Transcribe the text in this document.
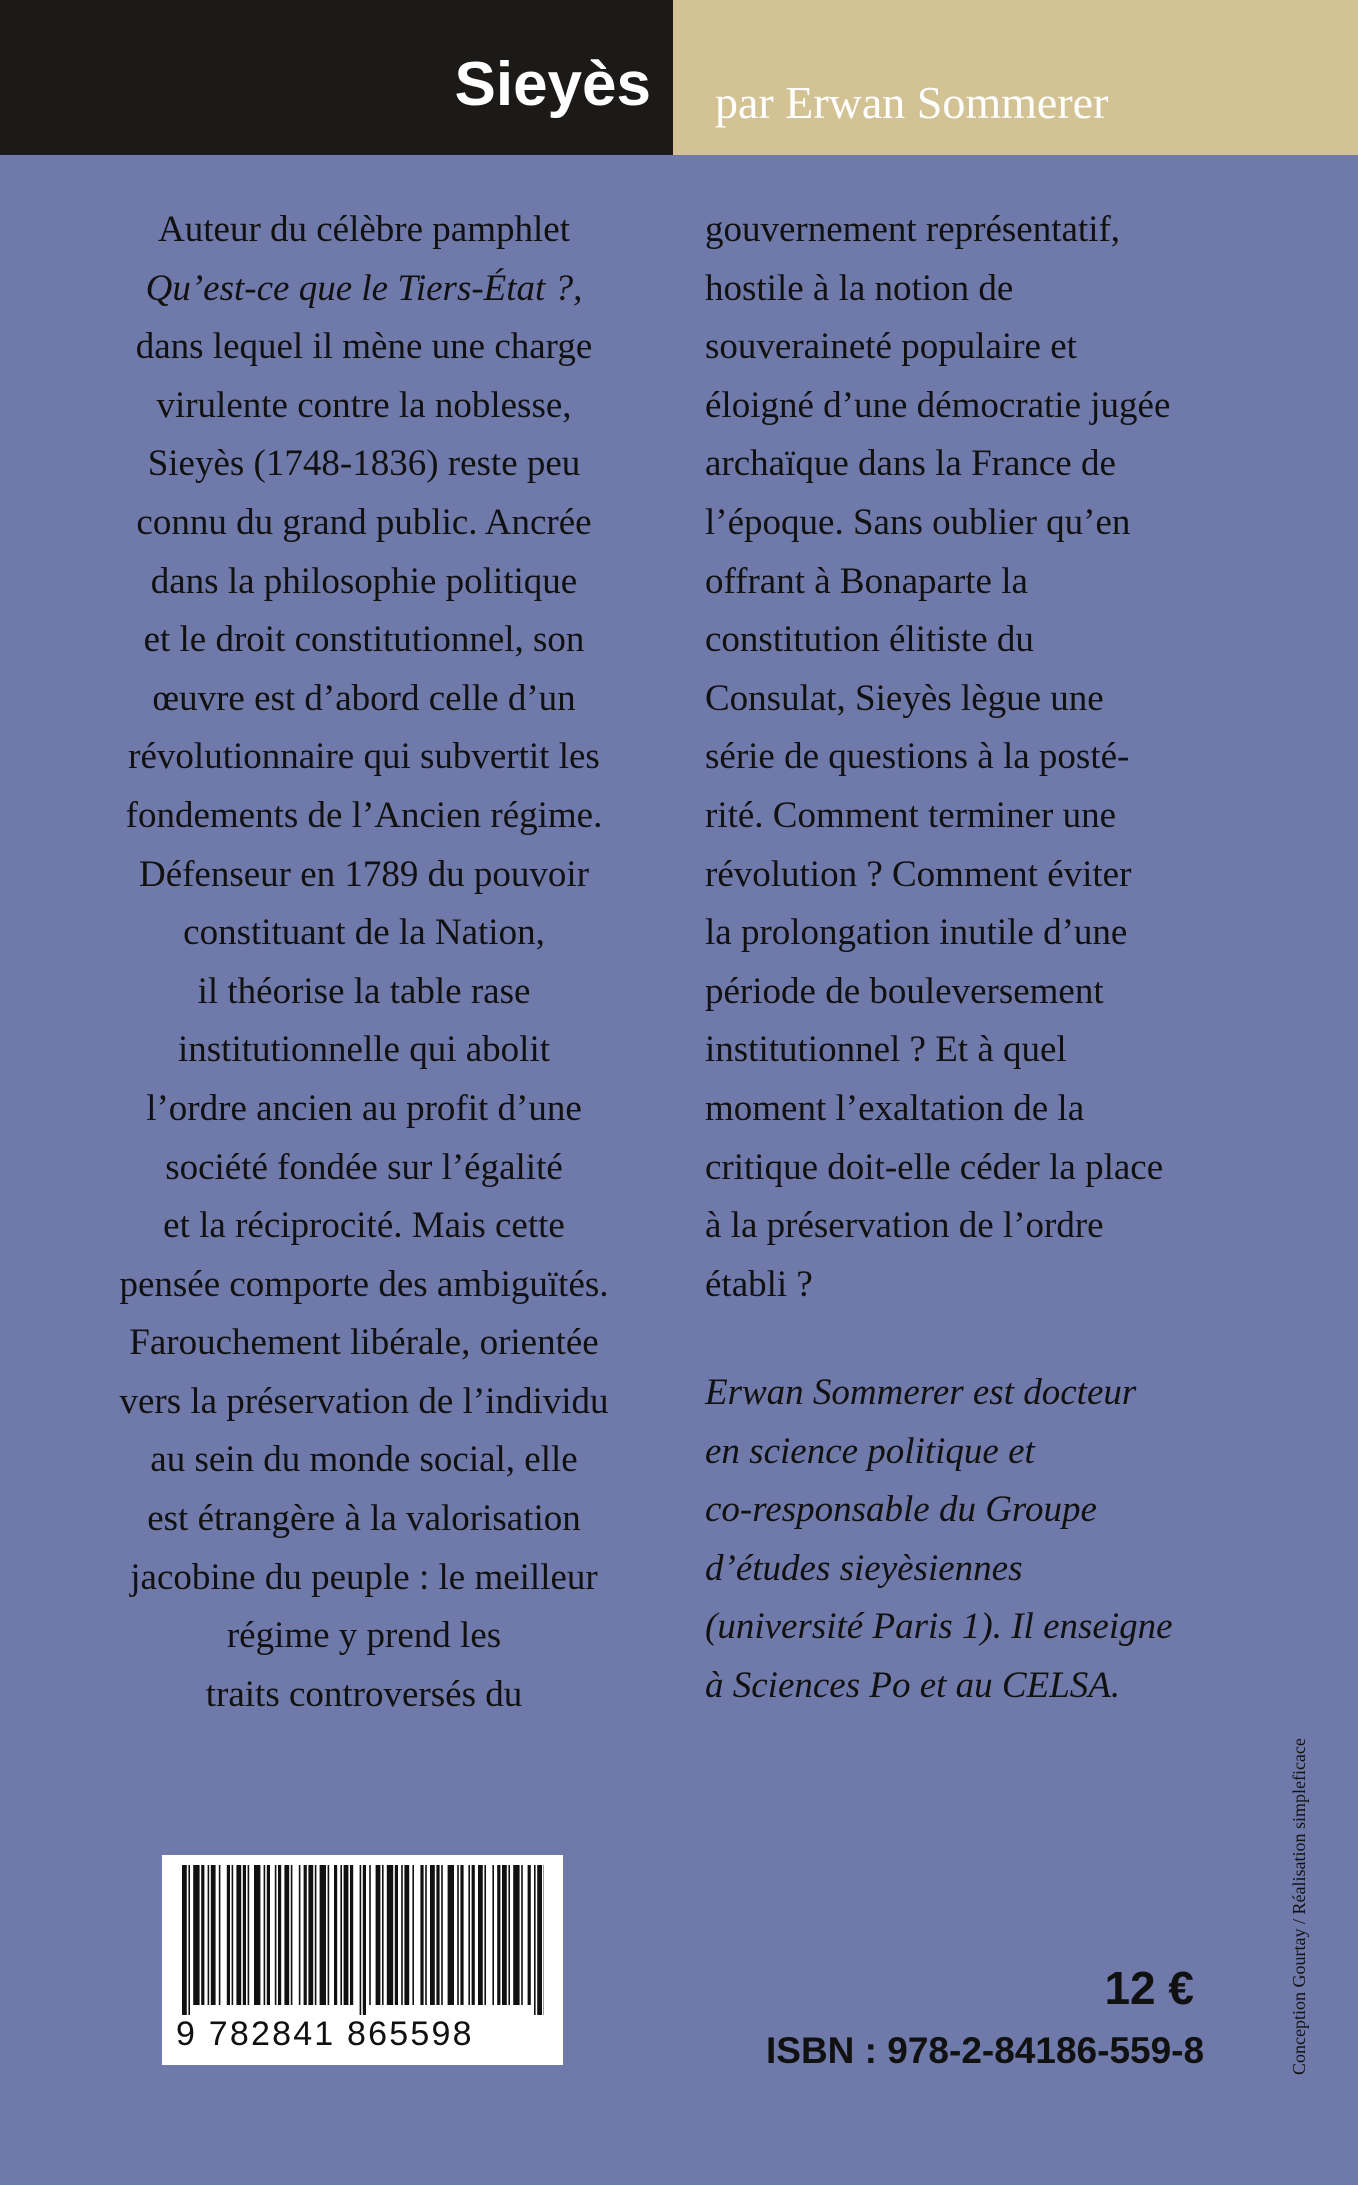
Sieyès par Erwan Sommerer
Auteur du célèbre pamphlet
Qu’est-ce que le Tiers-État ?,
dans lequel il mène une charge
virulente contre la noblesse,
Sieyès (1748-1836) reste peu
connu du grand public. Ancrée
dans la philosophie politique
et le droit constitutionnel, son
œuvre est d’abord celle d’un
révolutionnaire qui subvertit les
fondements de l’Ancien régime.
Défenseur en 1789 du pouvoir
constituant de la Nation,
il théorise la table rase
institutionnelle qui abolit
l’ordre ancien au profit d’une
société fondée sur l’égalité
et la réciprocité. Mais cette
pensée comporte des ambiguïtés.
Farouchement libérale, orientée
vers la préservation de l’individu
au sein du monde social, elle
est étrangère à la valorisation
jacobine du peuple : le meilleur
régime y prend les
traits controversés du
gouvernement représentatif,
hostile à la notion de
souveraineté populaire et
éloigné d’une démocratie jugée
archaïque dans la France de
l’époque. Sans oublier qu’en
offrant à Bonaparte la
constitution élitiste du
Consulat, Sieyès lègue une
série de questions à la posté-
rité. Comment terminer une
révolution ? Comment éviter
la prolongation inutile d’une
période de bouleversement
institutionnel ? Et à quel
moment l’exaltation de la
critique doit-elle céder la place
à la préservation de l’ordre
établi ?
Erwan Sommerer est docteur
en science politique et
co-responsable du Groupe
d’études sieyèsiennes
(université Paris 1). Il enseigne
à Sciences Po et au CELSA.
9 782841 865598
12 €
ISBN : 978-2-84186-559-8	Conception Gourtay / Réalisation simpleficace
